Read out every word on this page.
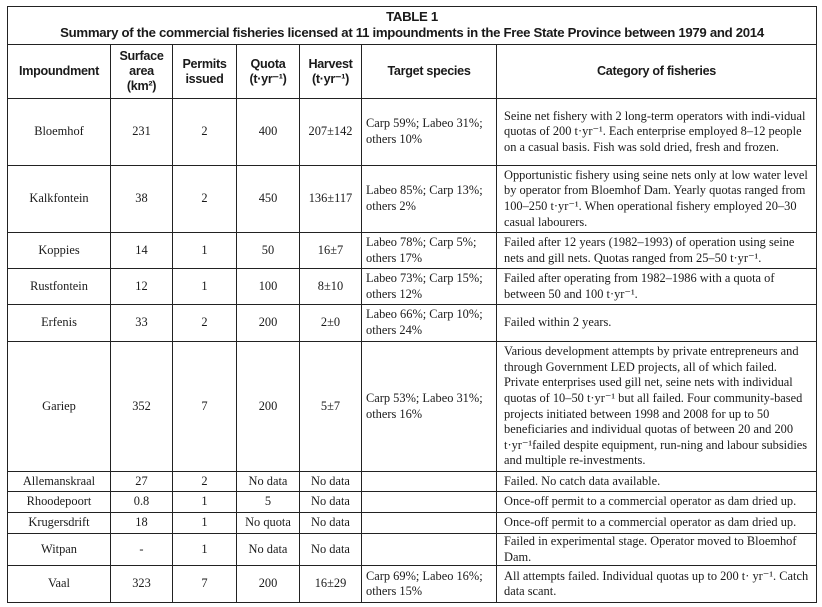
TABLE 1
Summary of the commercial fisheries licensed at 11 impoundments in the Free State Province between 1979 and 2014						

Impoundment	Surface area (km²)	Permits issued	Quota (t·yr⁻¹)	Harvest (t·yr⁻¹)	Target species	Category of fisheries
Bloemhof	231	2	400	207±142	Carp 59%; Labeo 31%; others 10%	Seine net fishery with 2 long-term operators with indi-vidual quotas of 200 t·yr⁻¹. Each enterprise employed 8–12 people on a casual basis. Fish was sold dried, fresh and frozen.
Kalkfontein	38	2	450	136±117	Labeo 85%; Carp 13%; others 2%	Opportunistic fishery using seine nets only at low water level by operator from Bloemhof Dam. Yearly quotas ranged from 100–250 t·yr⁻¹. When operational fishery employed 20–30 casual labourers.
Koppies	14	1	50	16±7	Labeo 78%; Carp 5%; others 17%	Failed after 12 years (1982–1993) of operation using seine nets and gill nets. Quotas ranged from 25–50 t·yr⁻¹.
Rustfontein	12	1	100	8±10	Labeo 73%; Carp 15%; others 12%	Failed after operating from 1982–1986 with a quota of between 50 and 100 t·yr⁻¹.
Erfenis	33	2	200	2±0	Labeo 66%; Carp 10%; others 24%	Failed within 2 years.
Gariep	352	7	200	5±7	Carp 53%; Labeo 31%; others 16%	Various development attempts by private entrepreneurs and through Government LED projects, all of which failed. Private enterprises used gill net, seine nets with individual quotas of 10–50 t·yr⁻¹ but all failed. Four community-based projects initiated between 1998 and 2008 for up to 50 beneficiaries and individual quotas of between 20 and 200 t·yr⁻¹failed despite equipment, run-ning and labour subsidies and multiple re-investments.
Allemanskraal	27	2	No data	No data		Failed. No catch data available.
Rhoodepoort	0.8	1	5	No data		Once-off permit to a commercial operator as dam dried up.
Krugersdrift	18	1	No quota	No data		Once-off permit to a commercial operator as dam dried up.
Witpan	-	1	No data	No data		Failed in experimental stage. Operator moved to Bloemhof Dam.
Vaal	323	7	200	16±29	Carp 69%; Labeo 16%; others 15%	All attempts failed. Individual quotas up to 200 t· yr⁻¹. Catch data scant.
